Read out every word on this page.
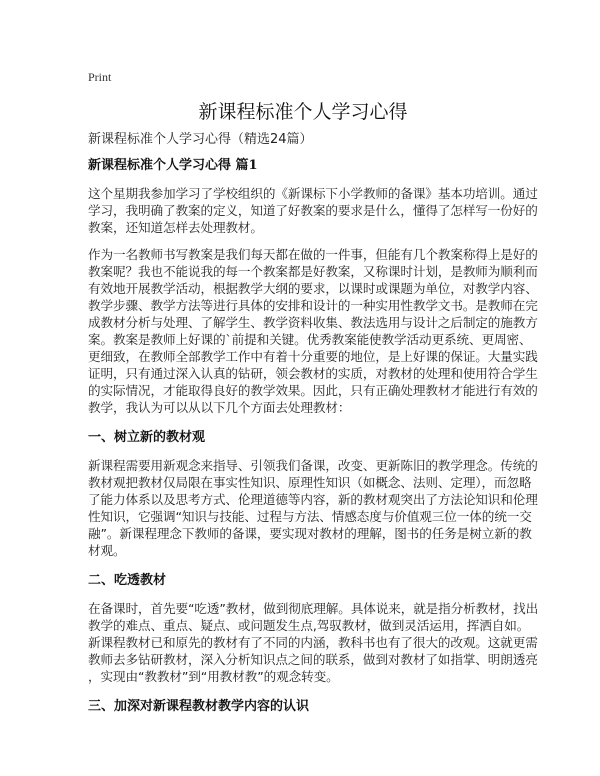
Print
新课程标准个人学习心得
新课程标准个人学习心得（精选24篇）
新课程标准个人学习心得 篇1
这个星期我参加学习了学校组织的《新课标下小学教师的备课》基本功培训。通过
学习，我明确了教案的定义，知道了好教案的要求是什么，懂得了怎样写一份好的
教案，还知道怎样去处理教材。
作为一名教师书写教案是我们每天都在做的一件事，但能有几个教案称得上是好的
教案呢？我也不能说我的每一个教案都是好教案，又称课时计划，是教师为顺利而
有效地开展教学活动，根据教学大纲的要求，以课时或课题为单位，对教学内容、
教学步骤、教学方法等进行具体的安排和设计的一种实用性教学文书。是教师在完
成教材分析与处理、了解学生、教学资料收集、教法选用与设计之后制定的施教方
案。教案是教师上好课的`前提和关键。优秀教案能使教学活动更系统、更周密、
更细致，在教师全部教学工作中有着十分重要的地位，是上好课的保证。大量实践
证明，只有通过深入认真的钻研，领会教材的实质，对教材的处理和使用符合学生
的实际情况，才能取得良好的教学效果。因此，只有正确处理教材才能进行有效的
教学，我认为可以从以下几个方面去处理教材：
一、树立新的教材观
新课程需要用新观念来指导、引领我们备课，改变、更新陈旧的教学理念。传统的
教材观把教材仅局限在事实性知识、原理性知识（如概念、法则、定理），而忽略
了能力体系以及思考方式、伦理道德等内容，新的教材观突出了方法论知识和伦理
性知识，它强调“知识与技能、过程与方法、情感态度与价值观三位一体的统一交
融”。新课程理念下教师的备课，要实现对教材的理解，图书的任务是树立新的教
材观。
二、吃透教材
在备课时，首先要“吃透”教材，做到彻底理解。具体说来，就是指分析教材，找出
教学的难点、重点、疑点、或问题发生点,驾驭教材，做到灵活运用，挥洒自如。
新课程教材已和原先的教材有了不同的内涵，教科书也有了很大的改观。这就更需
教师去多钻研教材，深入分析知识点之间的联系，做到对教材了如指掌、明朗透亮
，实现由“教教材”到“用教材教”的观念转变。
三、加深对新课程教材教学内容的认识
